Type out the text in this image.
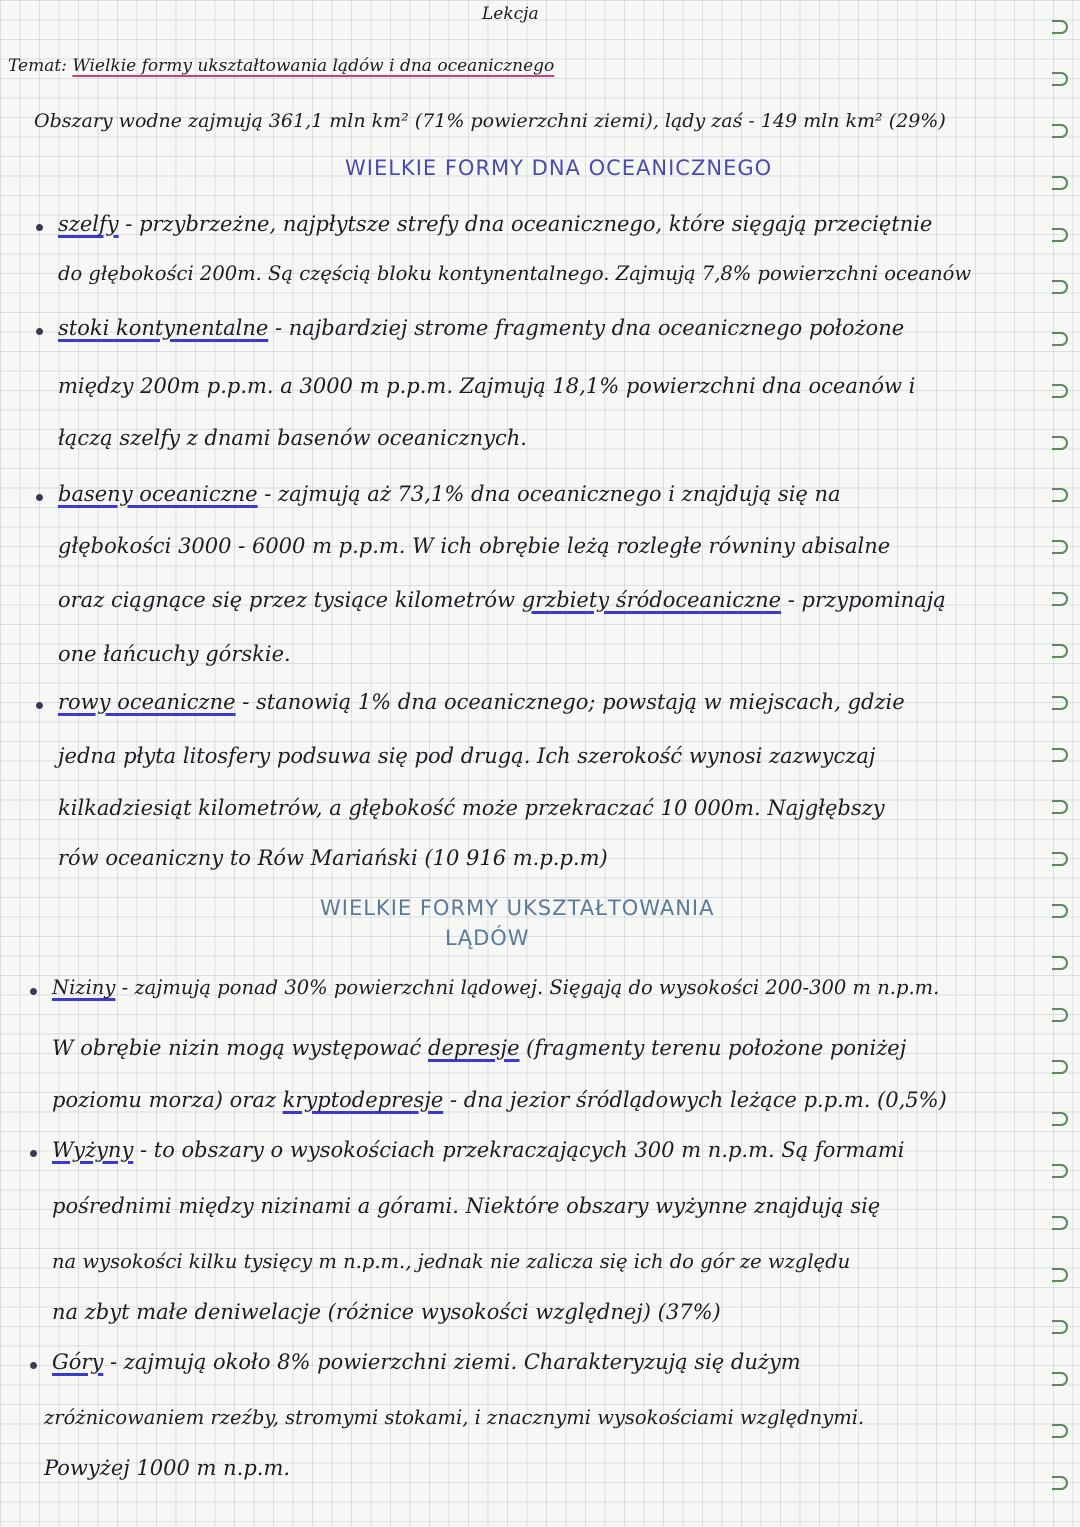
Lekcja
Temat: Wielkie formy ukształtowania lądów i dna oceanicznego
Obszary wodne zajmują 361,1 mln km² (71% powierzchni ziemi), lądy zaś - 149 mln km² (29%)
WIELKIE FORMY DNA OCEANICZNEGO
szelfy - przybrzeżne, najpłytsze strefy dna oceanicznego, które sięgają przeciętnie
do głębokości 200m. Są częścią bloku kontynentalnego. Zajmują 7,8% powierzchni oceanów
stoki kontynentalne - najbardziej strome fragmenty dna oceanicznego położone
między 200m p.p.m. a 3000 m p.p.m. Zajmują 18,1% powierzchni dna oceanów i
łączą szelfy z dnami basenów oceanicznych.
baseny oceaniczne - zajmują aż 73,1% dna oceanicznego i znajdują się na
głębokości 3000 - 6000 m p.p.m. W ich obrębie leżą rozległe równiny abisalne
oraz ciągnące się przez tysiące kilometrów grzbiety śródoceaniczne - przypominają
one łańcuchy górskie.
rowy oceaniczne - stanowią 1% dna oceanicznego; powstają w miejscach, gdzie
jedna płyta litosfery podsuwa się pod drugą. Ich szerokość wynosi zazwyczaj
kilkadziesiąt kilometrów, a głębokość może przekraczać 10 000m. Najgłębszy
rów oceaniczny to Rów Mariański (10 916 m.p.p.m)
WIELKIE FORMY UKSZTAŁTOWANIA
LĄDÓW
Niziny - zajmują ponad 30% powierzchni lądowej. Sięgają do wysokości 200-300 m n.p.m.
W obrębie nizin mogą występować depresje (fragmenty terenu położone poniżej
poziomu morza) oraz kryptodepresje - dna jezior śródlądowych leżące p.p.m. (0,5%)
Wyżyny - to obszary o wysokościach przekraczających 300 m n.p.m. Są formami
pośrednimi między nizinami a górami. Niektóre obszary wyżynne znajdują się
na wysokości kilku tysięcy m n.p.m., jednak nie zalicza się ich do gór ze względu
na zbyt małe deniwelacje (różnice wysokości względnej) (37%)
Góry - zajmują około 8% powierzchni ziemi. Charakteryzują się dużym
zróżnicowaniem rzeźby, stromymi stokami, i znacznymi wysokościami względnymi.
Powyżej 1000 m n.p.m.
